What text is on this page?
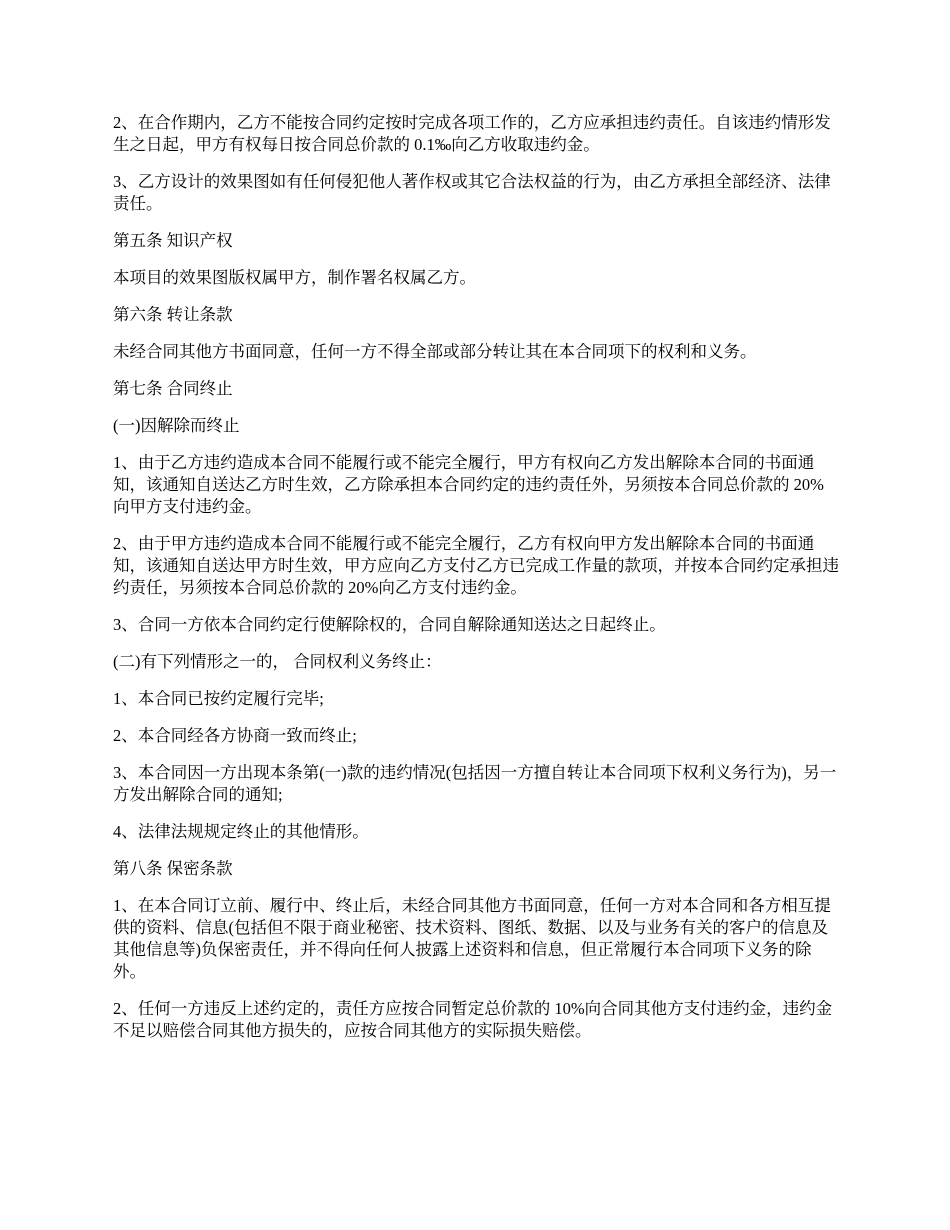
2、在合作期内，乙方不能按合同约定按时完成各项工作的，乙方应承担违约责任。自该违约情形发生之日起，甲方有权每日按合同总价款的 0.1‰向乙方收取违约金。

3、乙方设计的效果图如有任何侵犯他人著作权或其它合法权益的行为，由乙方承担全部经济、法律责任。

第五条 知识产权

本项目的效果图版权属甲方，制作署名权属乙方。

第六条 转让条款

未经合同其他方书面同意，任何一方不得全部或部分转让其在本合同项下的权利和义务。

第七条 合同终止

(一)因解除而终止

1、由于乙方违约造成本合同不能履行或不能完全履行，甲方有权向乙方发出解除本合同的书面通知，该通知自送达乙方时生效，乙方除承担本合同约定的违约责任外，另须按本合同总价款的 20%向甲方支付违约金。

2、由于甲方违约造成本合同不能履行或不能完全履行，乙方有权向甲方发出解除本合同的书面通知，该通知自送达甲方时生效，甲方应向乙方支付乙方已完成工作量的款项，并按本合同约定承担违约责任，另须按本合同总价款的 20%向乙方支付违约金。

3、合同一方依本合同约定行使解除权的，合同自解除通知送达之日起终止。

(二)有下列情形之一的， 合同权利义务终止：

1、本合同已按约定履行完毕;

2、本合同经各方协商一致而终止;

3、本合同因一方出现本条第(一)款的违约情况(包括因一方擅自转让本合同项下权利义务行为)，另一方发出解除合同的通知;

4、法律法规规定终止的其他情形。

第八条 保密条款

1、在本合同订立前、履行中、终止后，未经合同其他方书面同意，任何一方对本合同和各方相互提供的资料、信息(包括但不限于商业秘密、技术资料、图纸、数据、以及与业务有关的客户的信息及其他信息等)负保密责任，并不得向任何人披露上述资料和信息，但正常履行本合同项下义务的除外。

2、任何一方违反上述约定的，责任方应按合同暂定总价款的 10%向合同其他方支付违约金，违约金不足以赔偿合同其他方损失的，应按合同其他方的实际损失赔偿。
